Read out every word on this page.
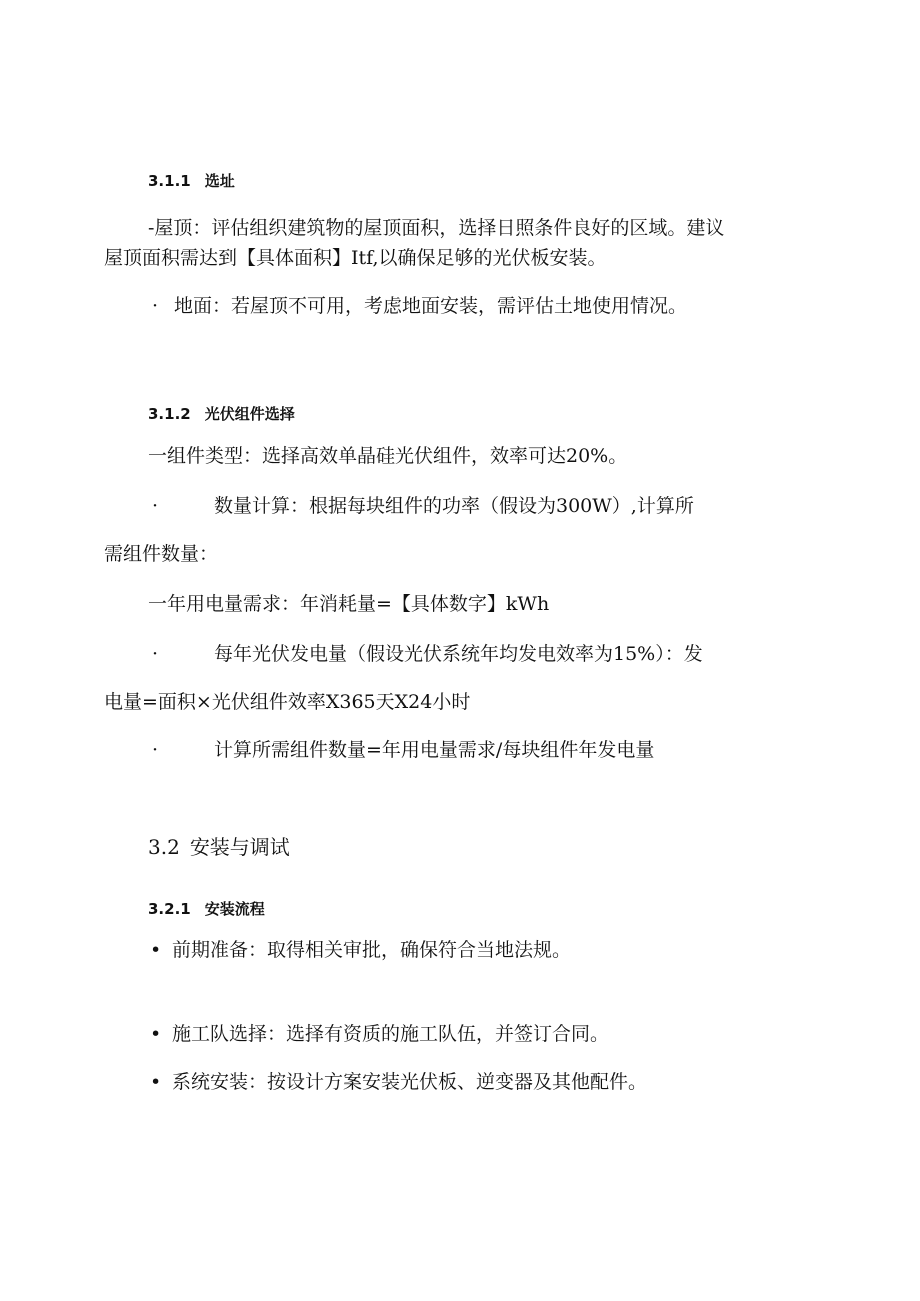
3.1.1 选址
-屋顶：评估组织建筑物的屋顶面积，选择日照条件良好的区域。建议
屋顶面积需达到【具体面积】Itf,以确保足够的光伏板安装。
· 地面：若屋顶不可用，考虑地面安装，需评估土地使用情况。
3.1.2 光伏组件选择
一组件类型：选择高效单晶硅光伏组件，效率可达20%。
·	数量计算：根据每块组件的功率（假设为300W）,计算所
需组件数量：
一年用电量需求：年消耗量=【具体数字】kWh
·	每年光伏发电量（假设光伏系统年均发电效率为15%）：发
电量=面积×光伏组件效率X365天X24小时
·	计算所需组件数量=年用电量需求/每块组件年发电量
3.2 安装与调试
3.2.1 安装流程
• 前期准备：取得相关审批，确保符合当地法规。
• 施工队选择：选择有资质的施工队伍，并签订合同。
• 系统安装：按设计方案安装光伏板、逆变器及其他配件。
